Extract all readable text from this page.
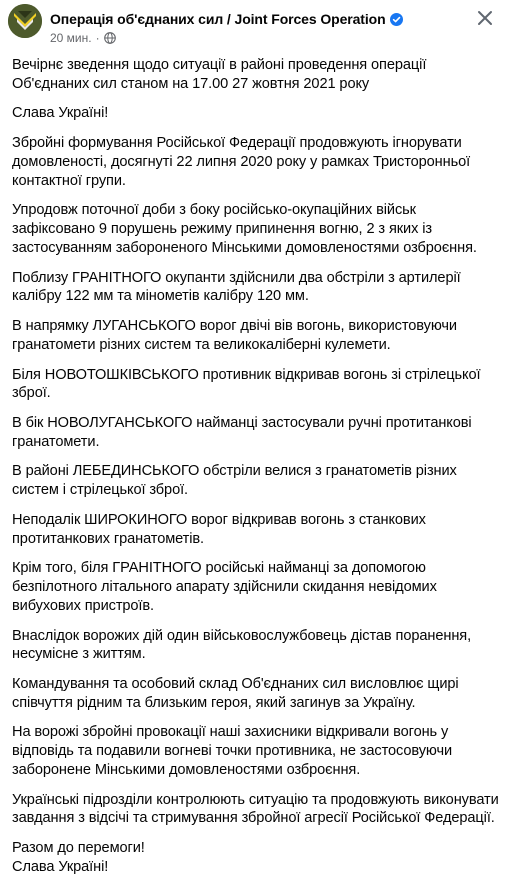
Операція об'єднаних сил / Joint Forces Operation
20 мин. ·

Вечірнє зведення щодо ситуації в районі проведення операції Об'єднаних сил станом на 17.00 27 жовтня 2021 року

Слава Україні!

Збройні формування Російської Федерації продовжують ігнорувати домовленості, досягнуті 22 липня 2020 року у рамках Тристоронньої контактної групи.

Упродовж поточної доби з боку російсько-окупаційних військ зафіксовано 9 порушень режиму припинення вогню, 2 з яких із застосуванням забороненого Мінськими домовленостями озброєння.

Поблизу ГРАНІТНОГО окупанти здійснили два обстріли з артилерії калібру 122 мм та мінометів калібру 120 мм.

В напрямку ЛУГАНСЬКОГО ворог двічі вів вогонь, використовуючи гранатомети різних систем та великокаліберні кулемети.

Біля НОВОТОШКІВСЬКОГО противник відкривав вогонь зі стрілецької зброї.

В бік НОВОЛУГАНСЬКОГО найманці застосували ручні протитанкові гранатомети.

В районі ЛЕБЕДИНСЬКОГО обстріли велися з гранатометів різних систем і стрілецької зброї.

Неподалік ШИРОКИНОГО ворог відкривав вогонь з станкових протитанкових гранатометів.

Крім того, біля ГРАНІТНОГО російські найманці за допомогою безпілотного літального апарату здійснили скидання невідомих вибухових пристроїв.

Внаслідок ворожих дій один військовослужбовець дістав поранення, несумісне з життям.

Командування та особовий склад Об'єднаних сил висловлює щирі співчуття рідним та близьким героя, який загинув за Україну.

На ворожі збройні провокації наші захисники відкривали вогонь у відповідь та подавили вогневі точки противника, не застосовуючи заборонене Мінськими домовленостями озброєння.

Українські підрозділи контролюють ситуацію та продовжують виконувати завдання з відсічі та стримування збройної агресії Російської Федерації.

Разом до перемоги!
Слава Україні!
